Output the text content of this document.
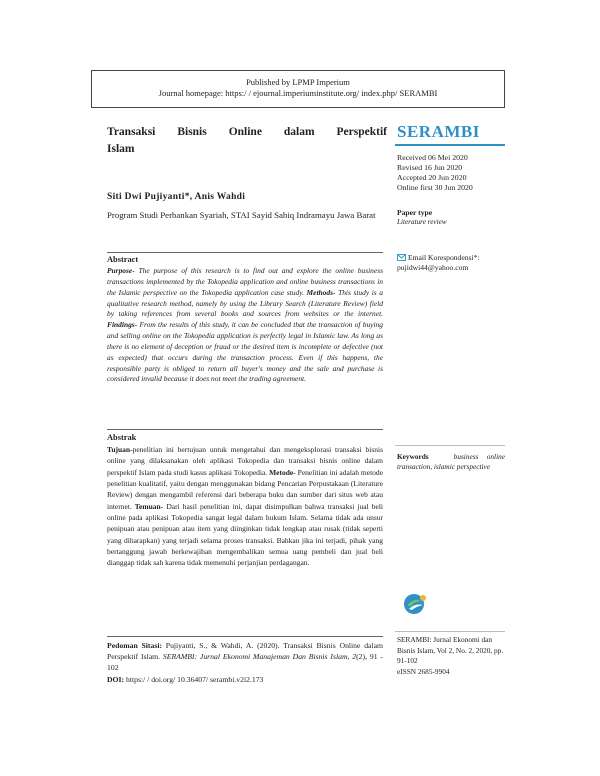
Published by LPMP Imperium
Journal homepage: https:/ / ejournal.imperiuminstitute.org/ index.php/ SERAMBI
Transaksi Bisnis Online dalam Perspektif
Islam
SERAMBI
Received 06 Mei 2020
Revised 16 Jun 2020
Accepted 20 Jun 2020
Online first 30 Jun 2020
Paper type
Literature review
Siti Dwi Pujiyanti*, Anis Wahdi
Program Studi Perbankan Syariah, STAI Sayid Sabiq Indramayu Jawa Barat
Email Korespondensi*:
pujidwi44@yahoo.com
Abstract
Purpose- The purpose of this research is to find out and explore the online business transactions implemented by the Tokopedia application and online business transactions in the Islamic perspective on the Tokopedia application case study. Methods- This study is a qualitative research method, namely by using the Library Search (Literature Review) field by taking references from several books and sources from websites or the internet. Findings- From the results of this study, it can be concluded that the transaction of buying and selling online on the Tokopedia application is perfectly legal in Islamic law. As long as there is no element of deception or fraud or the desired item is incomplete or defective (not as expected) that occurs during the transaction process. Even if this happens, the responsible party is obliged to return all buyer's money and the sale and purchase is considered invalid because it does not meet the trading agreement.
Abstrak
Tujuan-penelitian ini bertujuan untuk mengetahui dan mengeksplorasi transaksi bisnis online yang dilaksanakan oleh aplikasi Tokopedia dan transaksi bisnis online dalam perspektif Islam pada studi kasus aplikasi Tokopedia. Metode- Penelitian ini adalah metode penelitian kualitatif, yaitu dengan menggunakan bidang Pencarian Perpustakaan (Literature Review) dengan mengambil referensi dari beberapa buku dan sumber dari situs web atau internet. Temuan- Dari hasil penelitian ini, dapat disimpulkan bahwa transaksi jual beli online pada aplikasi Tokopedia sangat legal dalam hukum Islam. Selama tidak ada unsur penipuan atau penipuan atau item yang diinginkan tidak lengkap atau rusak (tidak seperti yang diharapkan) yang terjadi selama proses transaksi. Bahkan jika ini terjadi, pihak yang bertanggung jawab berkewajiban mengembalikan semua uang pembeli dan jual beli dianggap tidak sah karena tidak memenuhi perjanjian perdagangan.
Keywords	business online transaction, islamic perspective
Pedoman Sitasi: Pujiyanti, S., & Wahdi, A. (2020). Transaksi Bisnis Online dalam Perspektif Islam. SERAMBI: Jurnal Ekonomi Manajeman Dan Bisnis Islam, 2(2), 91 - 102
DOI: https:/ / doi.org/ 10.36407/ serambi.v2i2.173
SERAMBI: Jurnal Ekonomi dan Bisnis Islam, Vol 2, No. 2, 2020, pp. 91-102
eISSN 2685-9904
